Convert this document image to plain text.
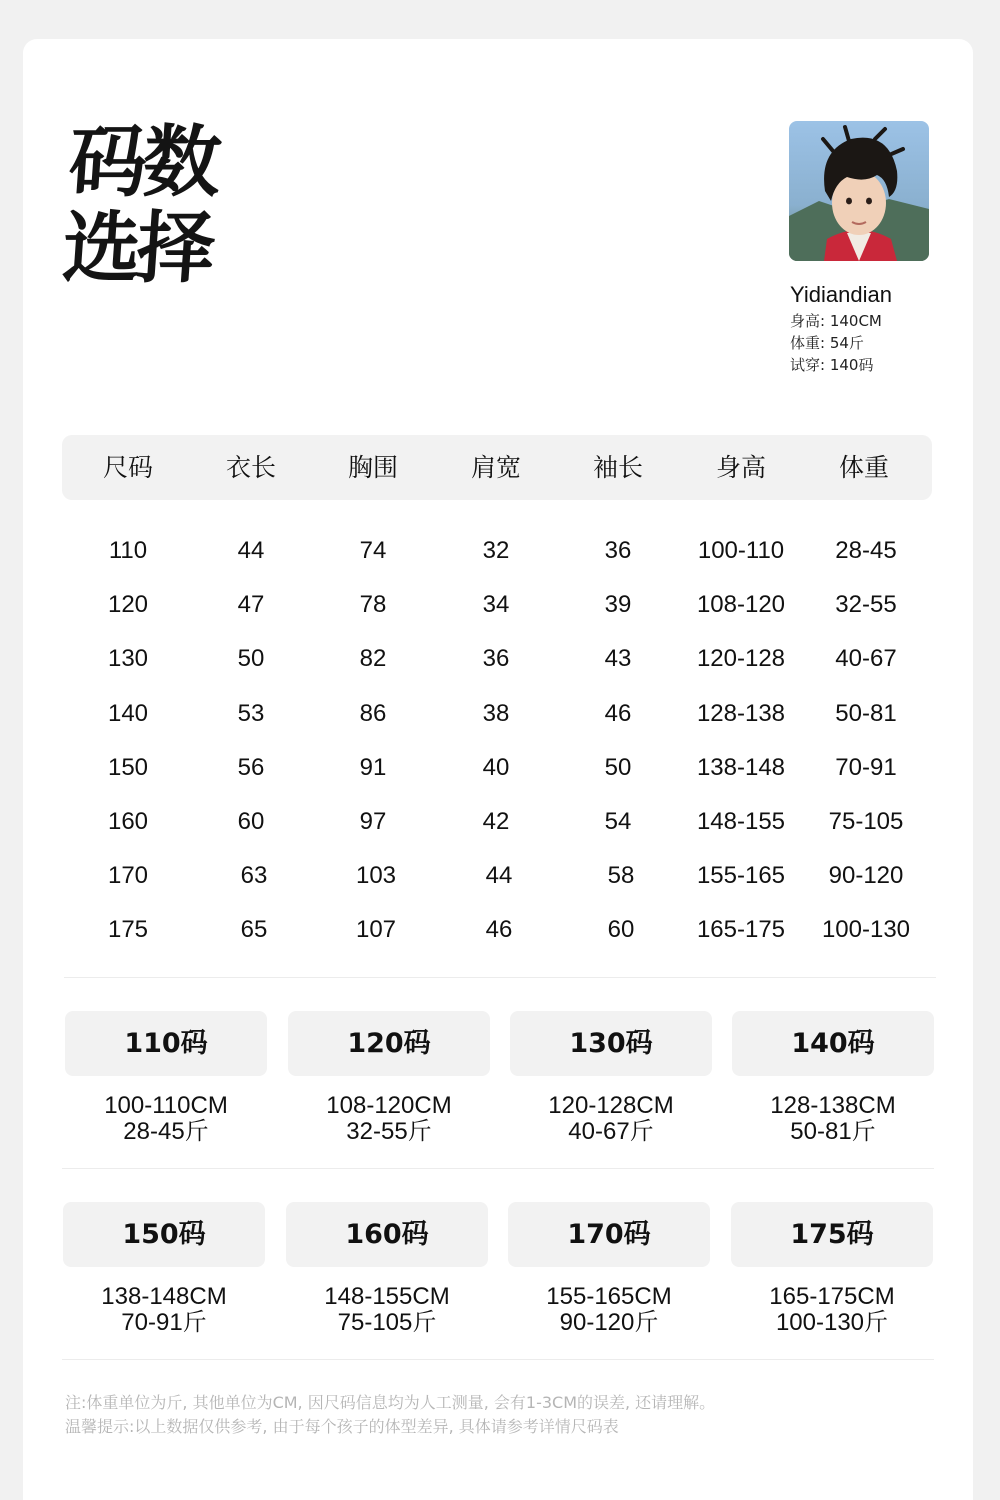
码数
选择
Yidiandian
身高: 140CM
体重: 54斤
试穿: 140码
尺码	衣长	胸围	肩宽	袖长	身高	体重
110	44	74	32	36	100-110	28-45
120	47	78	34	39	108-120	32-55
130	50	82	36	43	120-128	40-67
140	53	86	38	46	128-138	50-81
150	56	91	40	50	138-148	70-91
160	60	97	42	54	148-155	75-105
170	63	103	44	58	155-165	90-120
175	65	107	46	60	165-175	100-130
110码
100-110CM
28-45斤
120码
108-120CM
32-55斤
130码
120-128CM
40-67斤
140码
128-138CM
50-81斤
150码
138-148CM
70-91斤
160码
148-155CM
75-105斤
170码
155-165CM
90-120斤
175码
165-175CM
100-130斤
注:体重单位为斤, 其他单位为CM, 因尺码信息均为人工测量, 会有1-3CM的误差, 还请理解。
温馨提示:以上数据仅供参考, 由于每个孩子的体型差异, 具体请参考详情尺码表
